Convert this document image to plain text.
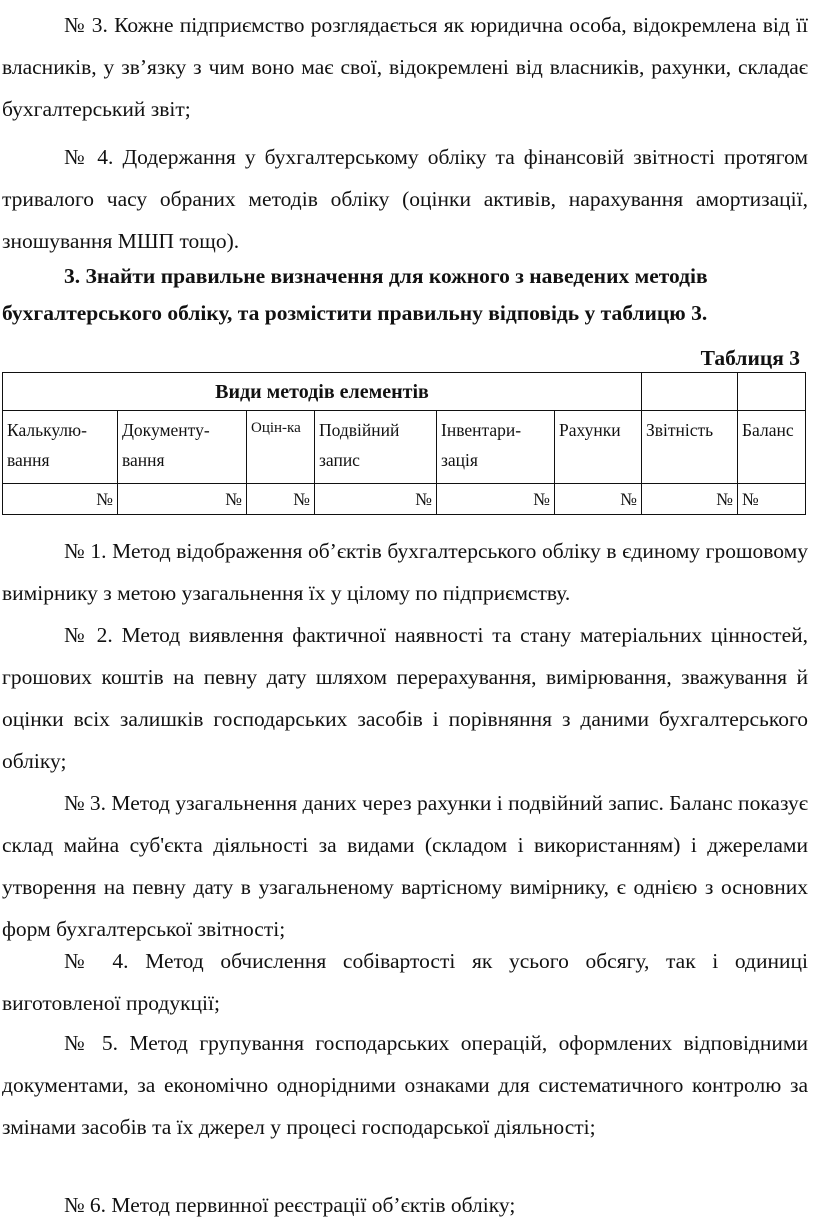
№ 3. Кожне підприємство розглядається як юридична особа, відокремлена від її власників, у зв’язку з чим воно має свої, відокремлені від власників, рахунки, складає бухгалтерський звіт;

№ 4. Додержання у бухгалтерському обліку та фінансовій звітності протягом тривалого часу обраних методів обліку (оцінки активів, нарахування амортизації, зношування МШП тощо).

3. Знайти правильне визначення для кожного з наведених методів бухгалтерського обліку, та розмістити правильну відповідь у таблицю 3.

Таблиця 3
Види методів елементів							
Калькулю-вання	Документу-вання	Оцін-ка	Подвійний запис	Інвентари-зація	Рахунки	Звітність	Баланс
№	№	№	№	№	№	№	№

№ 1. Метод відображення об’єктів бухгалтерського обліку в єдиному грошовому вимірнику з метою узагальнення їх у цілому по підприємству.

№ 2. Метод виявлення фактичної наявності та стану матеріальних цінностей, грошових коштів на певну дату шляхом перерахування, вимірювання, зважування й оцінки всіх залишків господарських засобів і порівняння з даними бухгалтерського обліку;

№ 3. Метод узагальнення даних через рахунки і подвійний запис. Баланс показує склад майна суб'єкта діяльності за видами (складом і використанням) і джерелами утворення на певну дату в узагальненому вартісному вимірнику, є однією з основних форм бухгалтерської звітності;

№ 4. Метод обчислення собівартості як усього обсягу, так і одиниці виготовленої продукції;

№ 5. Метод групування господарських операцій, оформлених відповідними документами, за економічно однорідними ознаками для систематичного контролю за змінами засобів та їх джерел у процесі господарської діяльності;

№ 6. Метод первинної реєстрації об’єктів обліку;
